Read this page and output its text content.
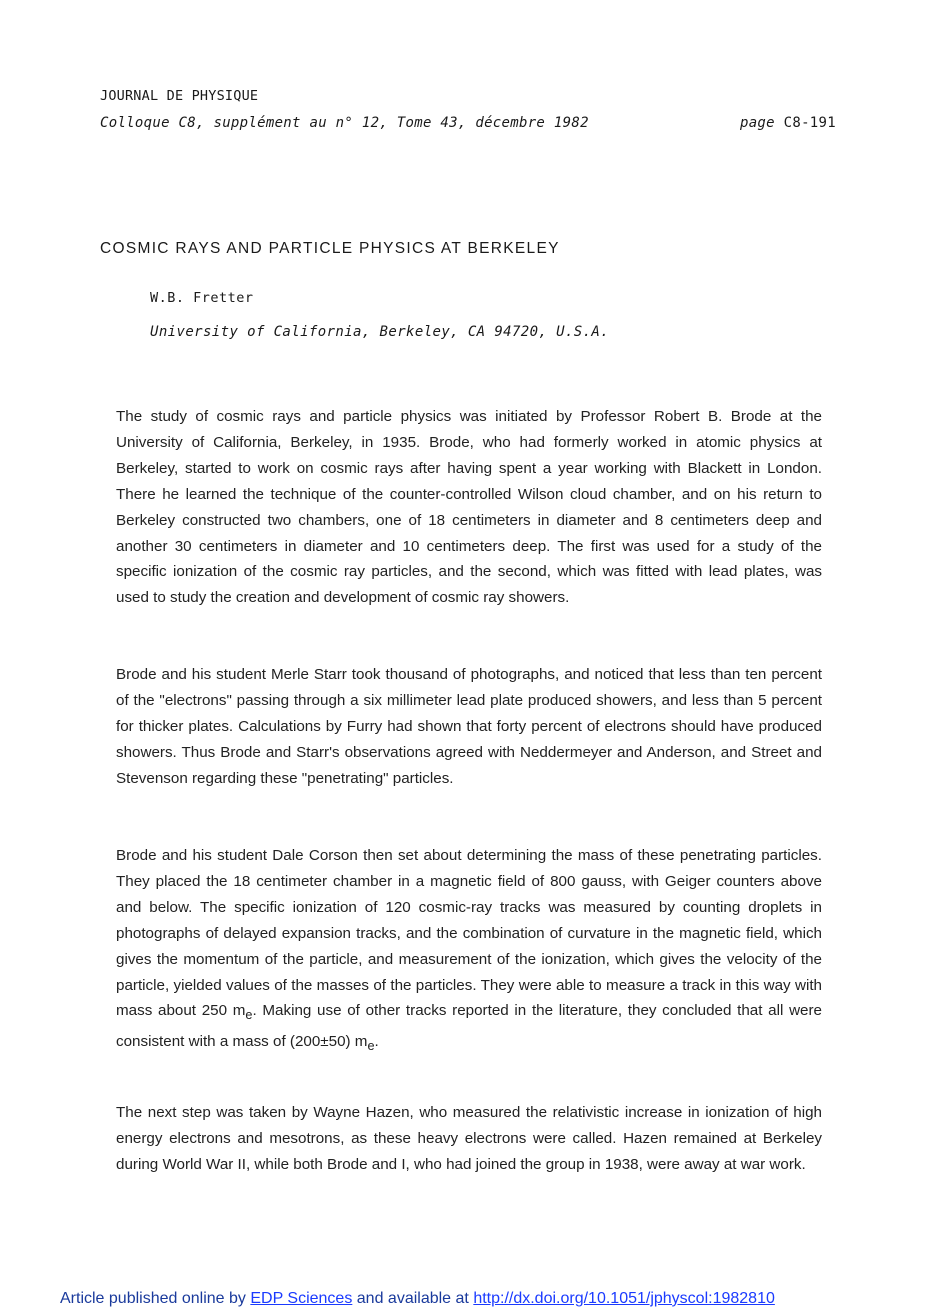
JOURNAL DE PHYSIQUE
Colloque C8, supplément au n° 12, Tome 43, décembre 1982	page C8-191
COSMIC RAYS AND PARTICLE PHYSICS AT BERKELEY
W.B. Fretter
University of California, Berkeley, CA 94720, U.S.A.

The study of cosmic rays and particle physics was initiated by Professor Robert B. Brode at the University of California, Berkeley, in 1935. Brode, who had formerly worked in atomic physics at Berkeley, started to work on cosmic rays after having spent a year working with Blackett in London. There he learned the technique of the counter-controlled Wilson cloud chamber, and on his return to Berkeley constructed two chambers, one of 18 centimeters in diameter and 8 centimeters deep and another 30 centimeters in diameter and 10 centimeters deep. The first was used for a study of the specific ionization of the cosmic ray particles, and the second, which was fitted with lead plates, was used to study the creation and development of cosmic ray showers.

Brode and his student Merle Starr took thousand of photographs, and noticed that less than ten percent of the "electrons" passing through a six millimeter lead plate produced showers, and less than 5 percent for thicker plates. Calculations by Furry had shown that forty percent of electrons should have produced showers. Thus Brode and Starr's observations agreed with Neddermeyer and Anderson, and Street and Stevenson regarding these "penetrating" particles.

Brode and his student Dale Corson then set about determining the mass of these penetrating particles. They placed the 18 centimeter chamber in a magnetic field of 800 gauss, with Geiger counters above and below. The specific ionization of 120 cosmic-ray tracks was measured by counting droplets in photographs of delayed expansion tracks, and the combination of curvature in the magnetic field, which gives the momentum of the particle, and measurement of the ionization, which gives the velocity of the particle, yielded values of the masses of the particles. They were able to measure a track in this way with mass about 250 $m_e$. Making use of other tracks reported in the literature, they concluded that all were consistent with a mass of (200±50) $m_e$.

The next step was taken by Wayne Hazen, who measured the relativistic increase in ionization of high energy electrons and mesotrons, as these heavy electrons were called. Hazen remained at Berkeley during World War II, while both Brode and I, who had joined the group in 1938, were away at war work.

Article published online by EDP Sciences and available at http://dx.doi.org/10.1051/jphyscol:1982810
